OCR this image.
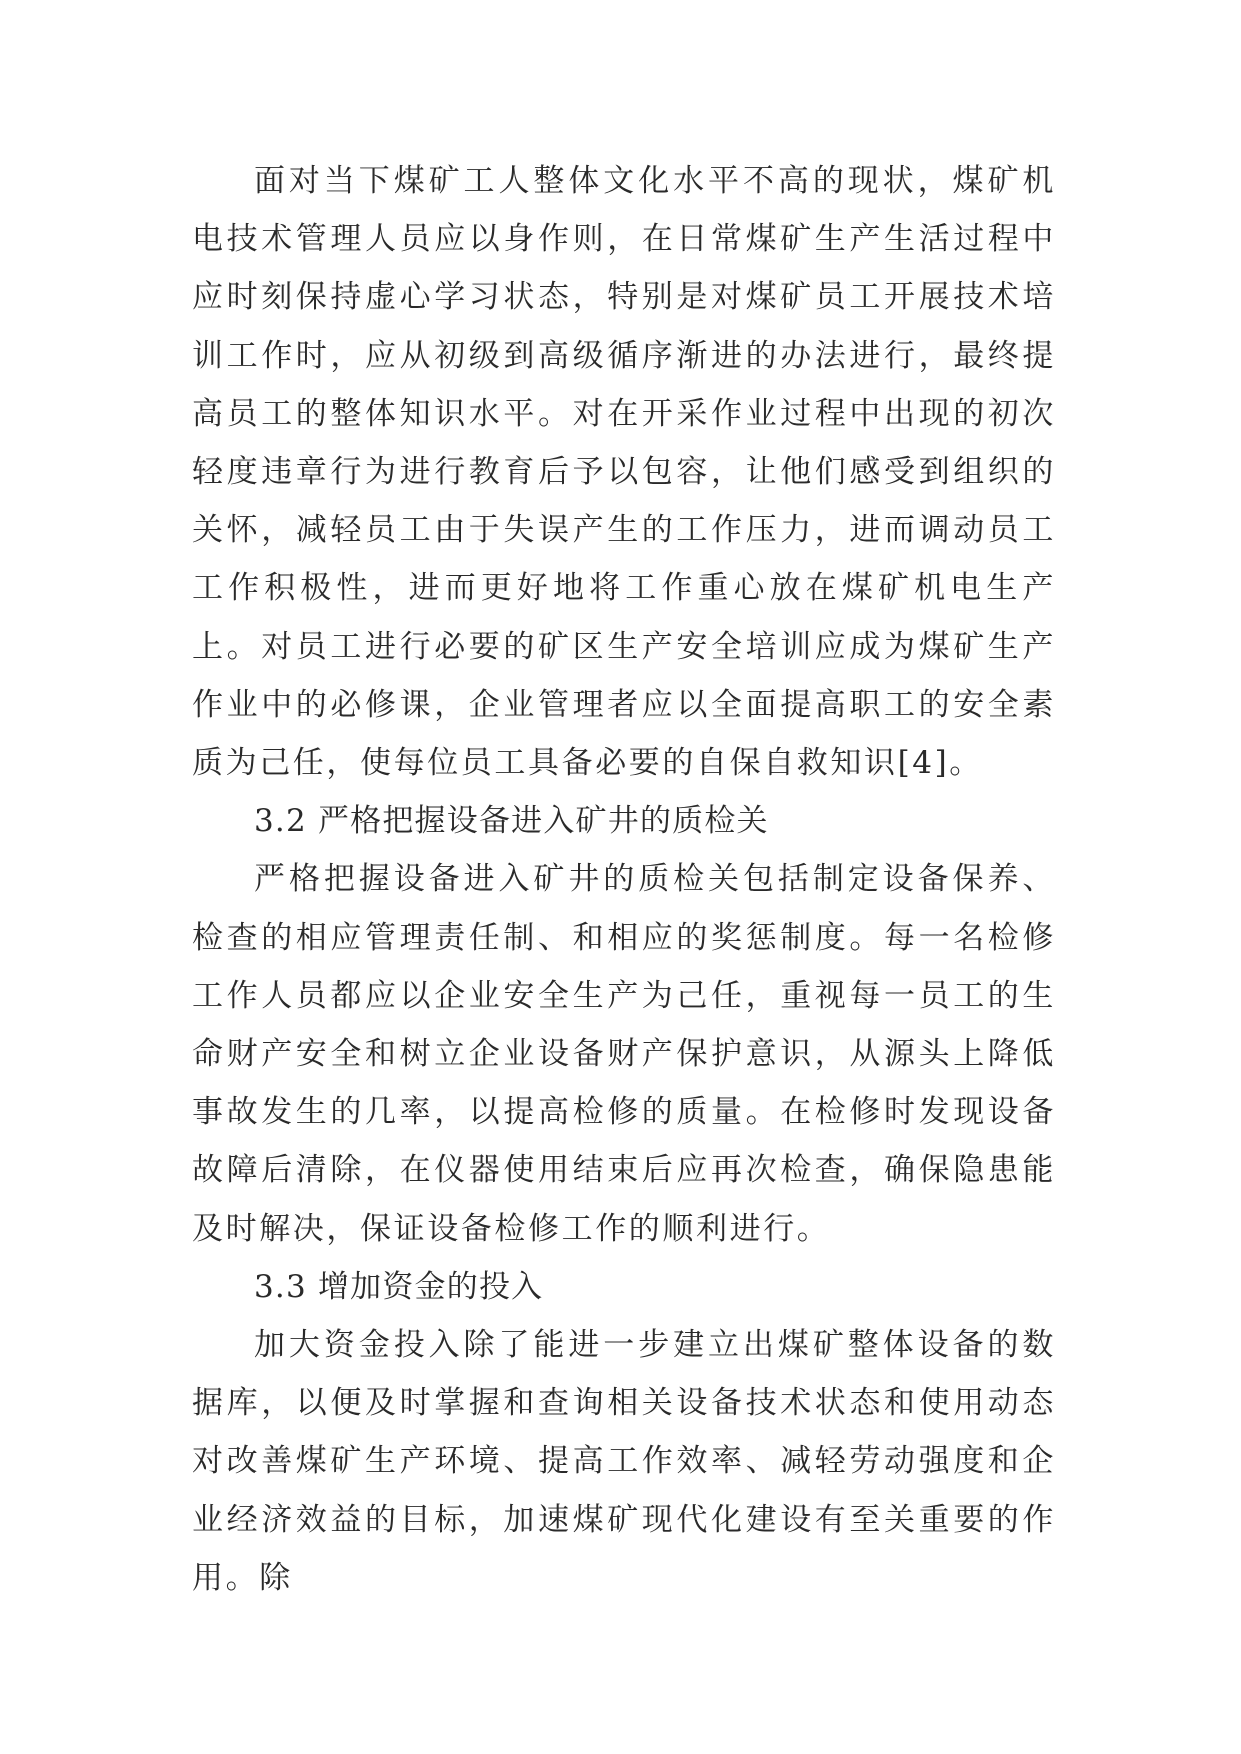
面对当下煤矿工人整体文化水平不高的现状，煤矿机电技术管理人员应以身作则，在日常煤矿生产生活过程中应时刻保持虚心学习状态，特别是对煤矿员工开展技术培训工作时，应从初级到高级循序渐进的办法进行，最终提高员工的整体知识水平。对在开采作业过程中出现的初次轻度违章行为进行教育后予以包容，让他们感受到组织的关怀，减轻员工由于失误产生的工作压力，进而调动员工工作积极性，进而更好地将工作重心放在煤矿机电生产上。对员工进行必要的矿区生产安全培训应成为煤矿生产作业中的必修课，企业管理者应以全面提高职工的安全素质为己任，使每位员工具备必要的自保自救知识[4]。

3.2 严格把握设备进入矿井的质检关

严格把握设备进入矿井的质检关包括制定设备保养、检查的相应管理责任制、和相应的奖惩制度。每一名检修工作人员都应以企业安全生产为己任，重视每一员工的生命财产安全和树立企业设备财产保护意识，从源头上降低事故发生的几率，以提高检修的质量。在检修时发现设备故障后清除，在仪器使用结束后应再次检查，确保隐患能及时解决，保证设备检修工作的顺利进行。

3.3 增加资金的投入

加大资金投入除了能进一步建立出煤矿整体设备的数据库，以便及时掌握和查询相关设备技术状态和使用动态对改善煤矿生产环境、提高工作效率、减轻劳动强度和企业经济效益的目标，加速煤矿现代化建设有至关重要的作用。除
